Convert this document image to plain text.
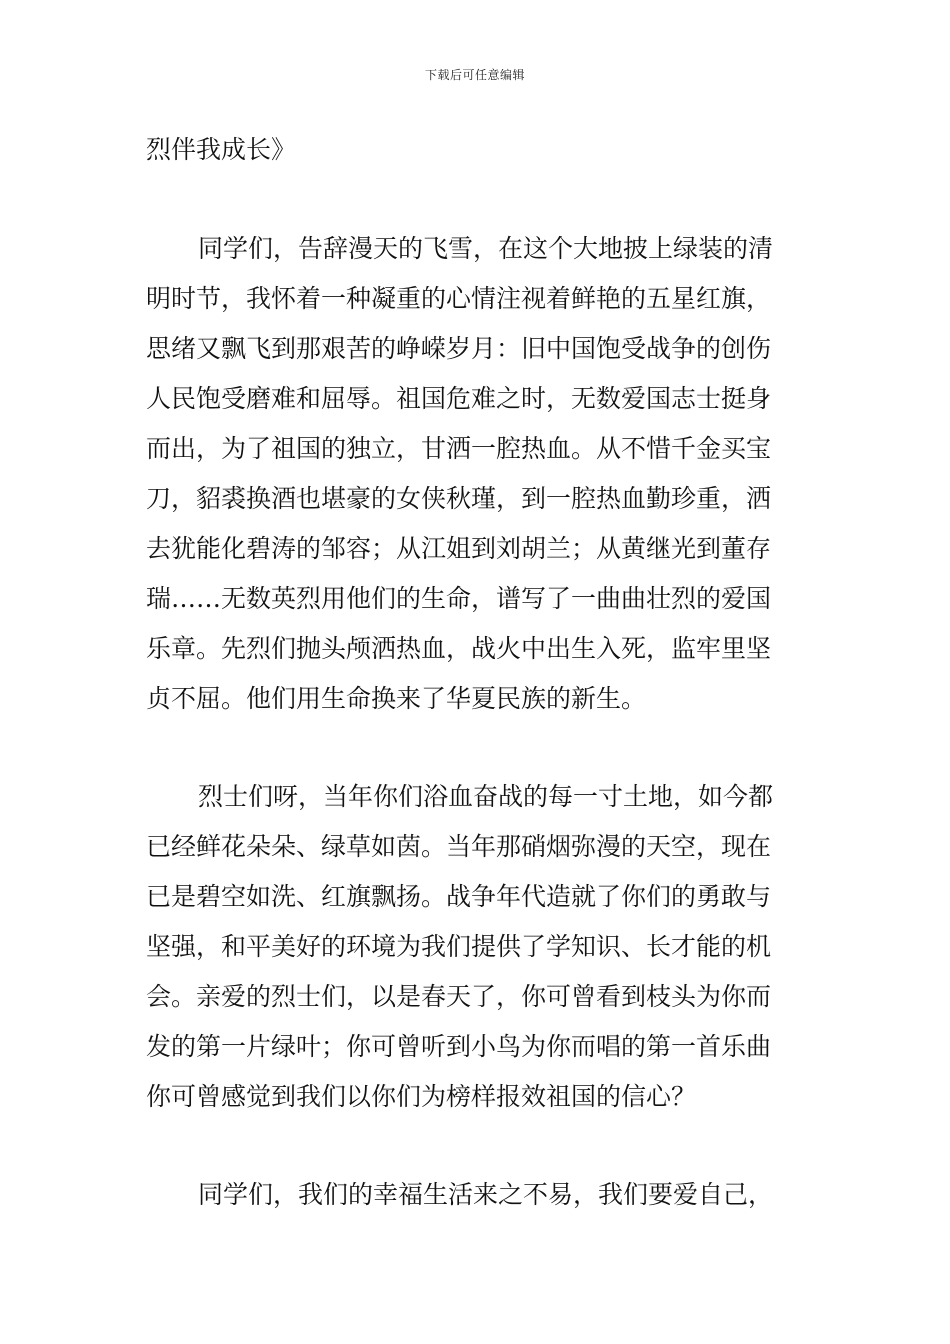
下载后可任意编辑
烈伴我成长》
同学们，告辞漫天的飞雪，在这个大地披上绿装的清
明时节，我怀着一种凝重的心情注视着鲜艳的五星红旗，
思绪又飘飞到那艰苦的峥嵘岁月：旧中国饱受战争的创伤
人民饱受磨难和屈辱。祖国危难之时，无数爱国志士挺身
而出，为了祖国的独立，甘洒一腔热血。从不惜千金买宝
刀，貂裘换酒也堪豪的女侠秋瑾，到一腔热血勤珍重，洒
去犹能化碧涛的邹容；从江姐到刘胡兰；从黄继光到董存
瑞……无数英烈用他们的生命，谱写了一曲曲壮烈的爱国
乐章。先烈们抛头颅洒热血，战火中出生入死，监牢里坚
贞不屈。他们用生命换来了华夏民族的新生。
烈士们呀，当年你们浴血奋战的每一寸土地，如今都
已经鲜花朵朵、绿草如茵。当年那硝烟弥漫的天空，现在
已是碧空如洗、红旗飘扬。战争年代造就了你们的勇敢与
坚强，和平美好的环境为我们提供了学知识、长才能的机
会。亲爱的烈士们，以是春天了，你可曾看到枝头为你而
发的第一片绿叶；你可曾听到小鸟为你而唱的第一首乐曲
你可曾感觉到我们以你们为榜样报效祖国的信心？
同学们，我们的幸福生活来之不易，我们要爱自己，
